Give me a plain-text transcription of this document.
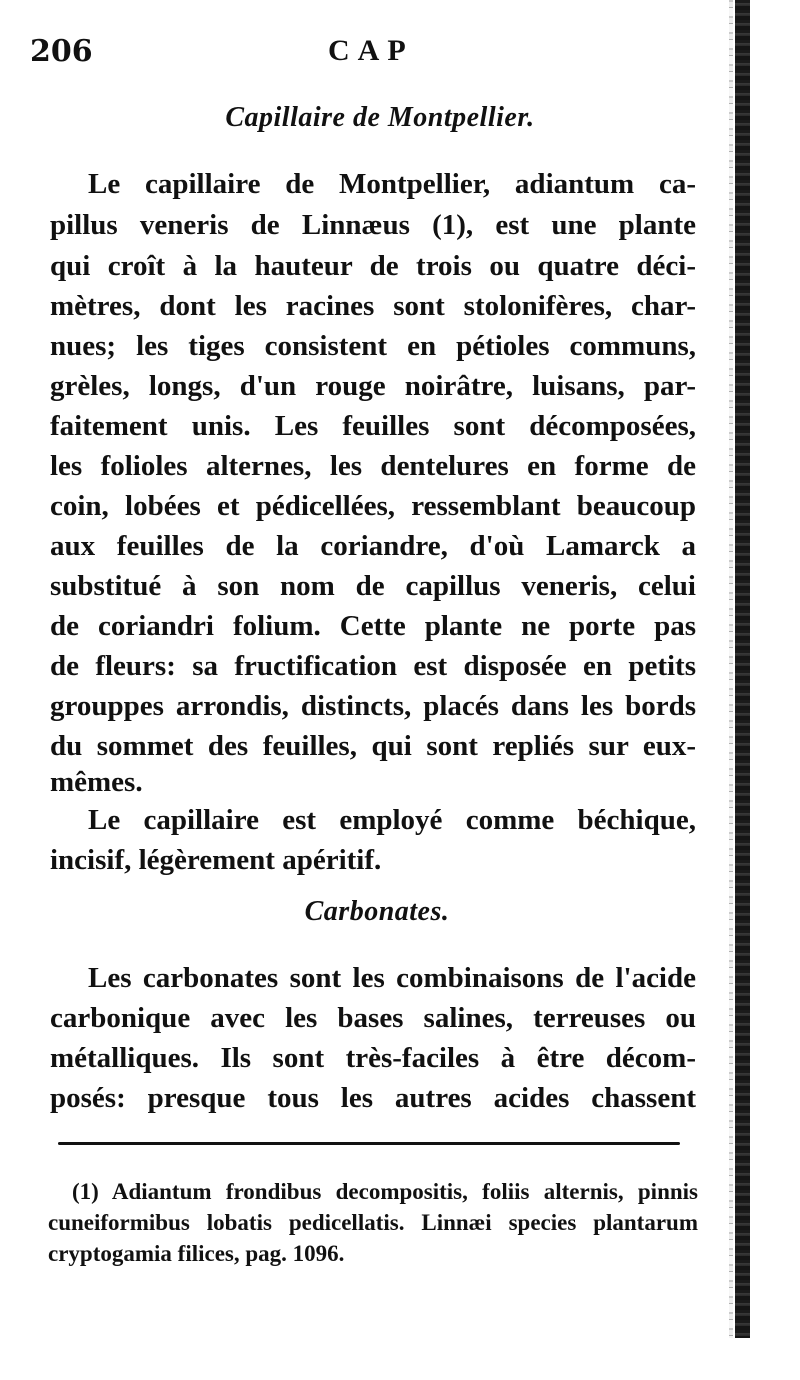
206	CAP
Capillaire de Montpellier.
Le capillaire de Montpellier, adiantum ca-
pillus veneris de Linnæus (1), est une plante
qui croît à la hauteur de trois ou quatre déci-
mètres, dont les racines sont stolonifères, char-
nues; les tiges consistent en pétioles communs,
grèles, longs, d'un rouge noirâtre, luisans, par-
faitement unis. Les feuilles sont décomposées,
les folioles alternes, les dentelures en forme de
coin, lobées et pédicellées, ressemblant beaucoup
aux feuilles de la coriandre, d'où Lamarck a
substitué à son nom de capillus veneris, celui
de coriandri folium. Cette plante ne porte pas
de fleurs: sa fructification est disposée en petits
grouppes arrondis, distincts, placés dans les bords
du sommet des feuilles, qui sont repliés sur eux-
mêmes.
Le capillaire est employé comme béchique,
incisif, légèrement apéritif.
Carbonates.
Les carbonates sont les combinaisons de l'acide
carbonique avec les bases salines, terreuses ou
métalliques. Ils sont très-faciles à être décom-
posés: presque tous les autres acides chassent
(1) Adiantum frondibus decompositis, foliis alternis, pinnis
cuneiformibus lobatis pedicellatis. Linnæi species plantarum
cryptogamia filices, pag. 1096.
